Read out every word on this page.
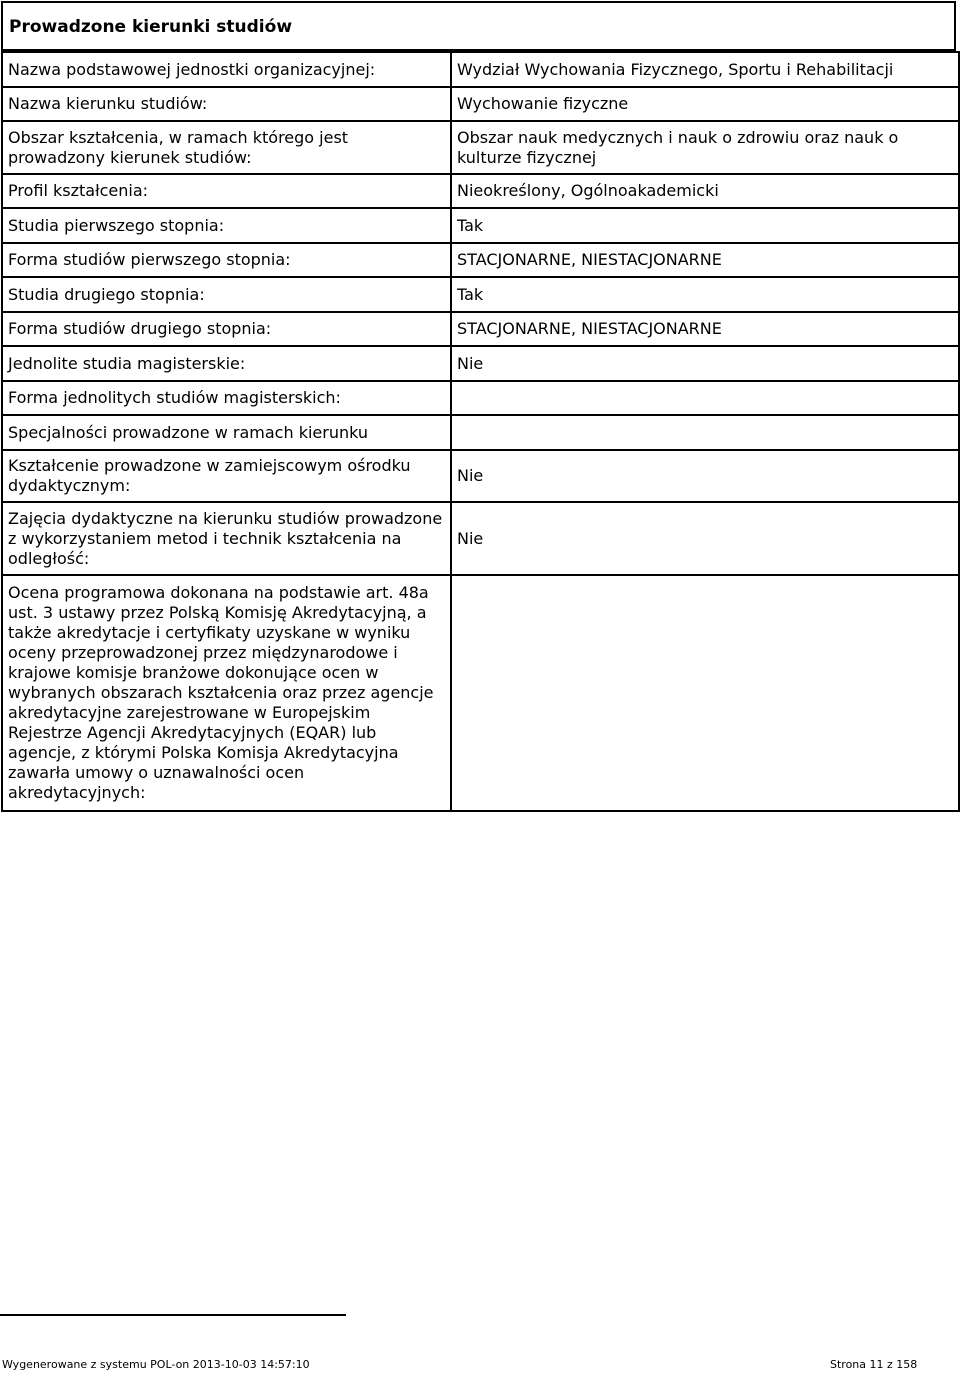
Prowadzone kierunki studiów
Nazwa podstawowej jednostki organizacyjnej:	Wydział Wychowania Fizycznego, Sportu i Rehabilitacji
Nazwa kierunku studiów:	Wychowanie fizyczne
Obszar kształcenia, w ramach którego jest prowadzony kierunek studiów:	Obszar nauk medycznych i nauk o zdrowiu oraz nauk o kulturze fizycznej
Profil kształcenia:	Nieokreślony, Ogólnoakademicki
Studia pierwszego stopnia:	Tak
Forma studiów pierwszego stopnia:	STACJONARNE, NIESTACJONARNE
Studia drugiego stopnia:	Tak
Forma studiów drugiego stopnia:	STACJONARNE, NIESTACJONARNE
Jednolite studia magisterskie:	Nie
Forma jednolitych studiów magisterskich:	
Specjalności prowadzone w ramach kierunku	
Kształcenie prowadzone w zamiejscowym ośrodku dydaktycznym:	Nie
Zajęcia dydaktyczne na kierunku studiów prowadzone z wykorzystaniem metod i technik kształcenia na odległość:	Nie
Ocena programowa dokonana na podstawie art. 48a ust. 3 ustawy przez Polską Komisję Akredytacyjną, a także akredytacje i certyfikaty uzyskane w wyniku oceny przeprowadzonej przez międzynarodowe i krajowe komisje branżowe dokonujące ocen w wybranych obszarach kształcenia oraz przez agencje akredytacyjne zarejestrowane w Europejskim Rejestrze Agencji Akredytacyjnych (EQAR) lub agencje, z którymi Polska Komisja Akredytacyjna zawarła umowy o uznawalności ocen akredytacyjnych:	
Wygenerowane z systemu POL-on 2013-10-03 14:57:10	Strona 11 z 158
